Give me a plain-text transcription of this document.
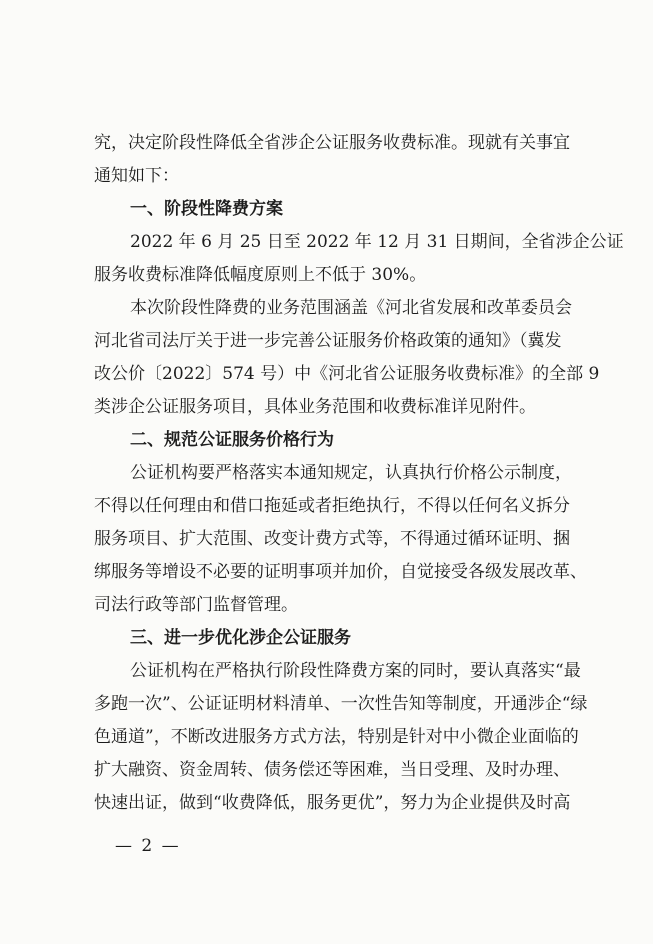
究，决定阶段性降低全省涉企公证服务收费标准。现就有关事宜
通知如下：
一、阶段性降费方案
2022 年 6 月 25 日至 2022 年 12 月 31 日期间，全省涉企公证
服务收费标准降低幅度原则上不低于 30%。
本次阶段性降费的业务范围涵盖《河北省发展和改革委员会
河北省司法厅关于进一步完善公证服务价格政策的通知》（冀发
改公价〔2022〕574 号）中《河北省公证服务收费标准》的全部 9
类涉企公证服务项目，具体业务范围和收费标准详见附件。
二、规范公证服务价格行为
公证机构要严格落实本通知规定，认真执行价格公示制度，
不得以任何理由和借口拖延或者拒绝执行，不得以任何名义拆分
服务项目、扩大范围、改变计费方式等，不得通过循环证明、捆
绑服务等增设不必要的证明事项并加价，自觉接受各级发展改革、
司法行政等部门监督管理。
三、进一步优化涉企公证服务
公证机构在严格执行阶段性降费方案的同时，要认真落实“最
多跑一次”、公证证明材料清单、一次性告知等制度，开通涉企“绿
色通道”，不断改进服务方式方法，特别是针对中小微企业面临的
扩大融资、资金周转、债务偿还等困难，当日受理、及时办理、
快速出证，做到“收费降低，服务更优”，努力为企业提供及时高
— 2 —
